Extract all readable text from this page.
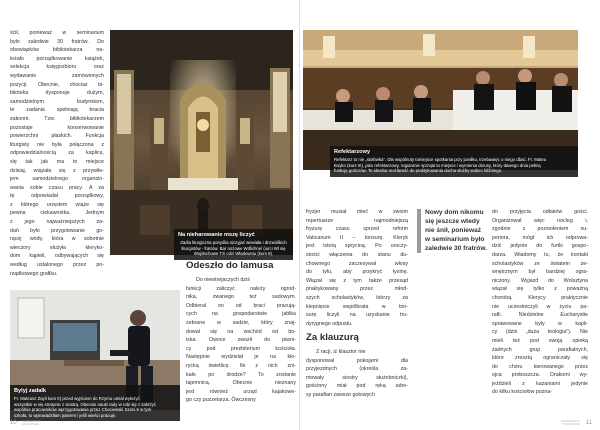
ścił, ponieważ w seminarium

było zaledwie 30 fratrów. Do

obowiązków bibliotekarza na-

leżało porządkowanie książek,

selekcja księgozbioru oraz

wydawanie zamówionych

pozycji. Obecnie, chociaż bi-

blioteka dysponuje dużym,

samodzielnym budynkiem,

te zadania spełniają bracia

zakonni. Tzw. bibliotekarzem

pozostaje konserwowanie

powierzchni płaskich. Funkcja

liturgisty nie była połączona z

odpowiedzialnością za kaplicę,

się tak jak ma to miejsce

dzisiaj, wiązała się z przywile-

jem samodzielnego organizo-

wania sobie czasu pracy. A za

tę odpowiadał porządkowy,

z którego urzędem wiąże się

pewna ciekawostka. Jednym

z jego najważniejszych za-

dań było przygotowanie go-

rącej wody, która w sobotnie

wieczory służyła kleryko-

dom kąpieli, odbywających się

według ustalonego przez po-

rządkowego grafiku.

Na nieharowanie mszę liczyć
Zadia liturgiczna ponyślia niczyjać wewiała i dnzwiólkich
liturgistów - fratrów. Bar nożowe Wdlichnel (iurci Wl się
Wojdechowe Tzi cdzi Władowniu (kurs 8).
Bylyj zadalk
Fr. Mateusz Zayli kurs II) przed wyjściem do Rzymu umiał wyłożyć
wszystkie w się stratynie z siostrą. Obecnie nauki rady w robi się z zakrzyć
wspólnie pracowników wprzygotowanie przez Chociewski Szeni 6 w tym
szkoła, to wprowadziłam patnem i jeśli wieści pracuje.
Odeszło do lamusa

Do niewtrejaczych dziś

funkcji zaliczyć należy ogrod-

nika, zwanego też sadowym.

Odbierał on od braci pracują-

cych na gospodarstwie jabłka

zebrane w sadzie, który znaj-

dował się na wschód od bo-

iska. Owoce zwoził do piwni-

cy pod prezbiterium kościoła.

Następnie wydzielał je na kle-

rycką świetlicę. Ile z nich zni-

kało po drodze? To zostanie

tajemnicą. Obecnie nieznany

jest również urząd kajakowe-

go czy puzzelarza. Ówczesny

10 SEMINARIUM
DUCHOWNE
Refektarzowy
Refektarz to nie „stołówka". Dla wspólnoty tomiejsce spotkania przy posiłku, trzebawięc o niego dbać. Fr. Mateu
Boyko (kurs III), jako refektarzowy, regularnie sprząta to miejsce i wymienia obrusy, który dawego dnia pełnią
funkcję gończów. To idealna możliwość do praktykowania ducha służby wobec bliźniego.

fryzjer musiał mieć w swoim

repertuarze najmodniejszą

fryzurę czasu sprzed reform

Vaticanum II – tonsurę. Kleryk

jest istotą spryciną. Po uroczy-

stości włączenia do stanu du-

chownego zaczesywał włosy

do tyłu, aby przykryć łysinę.

Wiązał się z tym także przesąd

praktykowany przez młod-

szych scholastyków, którzy za

klepnięcie wspólbrata w ton-

surę liczyli na uzyskanie tru-

dyrygnego odpustu.

Za klauzurą

Z racji, iż klasztor nie

dysponował pokojami dla

przyjezdnych (określa za-

mowały siostry służebniczki),

gościnny miał pod ręką adre-

sy parafian zawsze gotowych

do przyjęcia odłaków gości.

Organizował więc nocleg i,

zgodnie z pozwoleniem su-

periora, mógł ich odprowa-

dzić jedynie do furtki gospo-

darza. Wiadomy tu, że kontakt

scholastyków ze światem ze-

wnętrznym był bardziej ogra-

niczony. Wyjazd do Wolsztyna

wiązał się tylko z poważną

chorobą. Klerycy praktycznie

nie uczestniczyli w życiu pa-

rafii. Niedzielne Eucharystie

sprawowane były w kapli-

cy (dziś „duża teologia"). Nie

mieli też pod swoją opieką

żadnych grup parafialnych,

które zresztą ograniczały się

do chóru kierowanego przez

ojca proboszcza. Drakomi wy-

jeździeli z kazaniami jedynie

do kilku kościołów pozna-

11
SEMINARIUM
DUCHOWNE

Nowy dom nikomu

się jeszcze wtedy

nie śnił, ponieważ

w seminarium było

zaledwie 30 fratrów.
